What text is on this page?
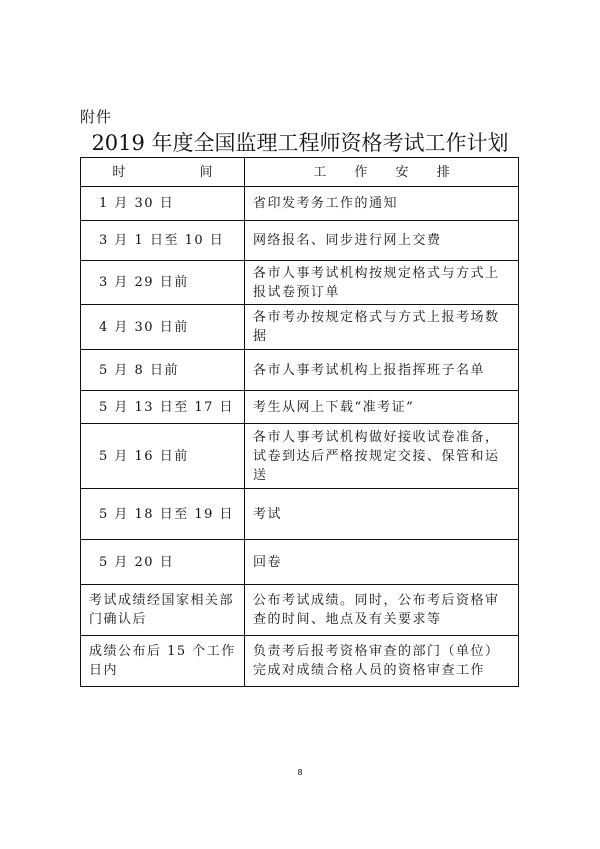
附件
2019 年度全国监理工程师资格考试工作计划
时 间	工 作 安 排
1 月 30 日	省印发考务工作的通知
3 月 1 日至 10 日	网络报名、同步进行网上交费
3 月 29 日前	各市人事考试机构按规定格式与方式上报试卷预订单
4 月 30 日前	各市考办按规定格式与方式上报考场数据
5 月 8 日前	各市人事考试机构上报指挥班子名单
5 月 13 日至 17 日	考生从网上下载“准考证”
5 月 16 日前	各市人事考试机构做好接收试卷准备，试卷到达后严格按规定交接、保管和运送
5 月 18 日至 19 日	考试
5 月 20 日	回卷
考试成绩经国家相关部门确认后	公布考试成绩。同时，公布考后资格审查的时间、地点及有关要求等
成绩公布后 15 个工作日内	负责考后报考资格审查的部门（单位）完成对成绩合格人员的资格审查工作
8
